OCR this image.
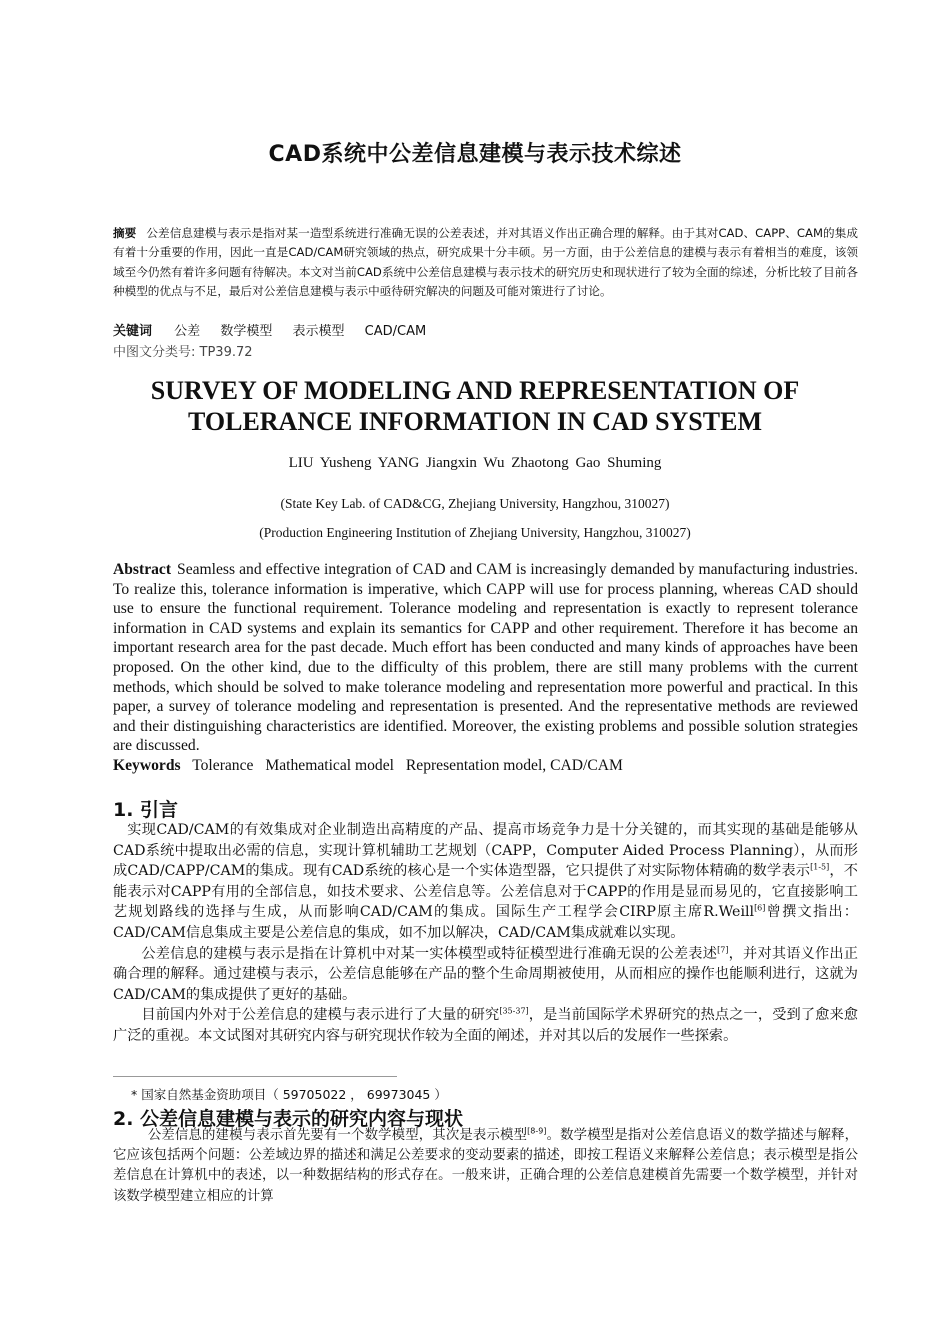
CAD系统中公差信息建模与表示技术综述
摘要 公差信息建模与表示是指对某一造型系统进行准确无误的公差表述，并对其语义作出正确合理的解释。由于其对CAD、CAPP、CAM的集成有着十分重要的作用，因此一直是CAD/CAM研究领域的热点，研究成果十分丰硕。另一方面，由于公差信息的建模与表示有着相当的难度，该领域至今仍然有着许多问题有待解决。本文对当前CAD系统中公差信息建模与表示技术的研究历史和现状进行了较为全面的综述，分析比较了目前各种模型的优点与不足，最后对公差信息建模与表示中亟待研究解决的问题及可能对策进行了讨论。
关键词 公差 数学模型 表示模型 CAD/CAM
中图文分类号: TP39.72
SURVEY OF MODELING AND REPRESENTATION OF
TOLERANCE INFORMATION IN CAD SYSTEM
LIU Yusheng YANG Jiangxin Wu Zhaotong Gao Shuming
(State Key Lab. of CAD&CG, Zhejiang University, Hangzhou, 310027)
(Production Engineering Institution of Zhejiang University, Hangzhou, 310027)
Abstract Seamless and effective integration of CAD and CAM is increasingly demanded by manufacturing industries. To realize this, tolerance information is imperative, which CAPP will use for process planning, whereas CAD should use to ensure the functional requirement. Tolerance modeling and representation is exactly to represent tolerance information in CAD systems and explain its semantics for CAPP and other requirement. Therefore it has become an important research area for the past decade. Much effort has been conducted and many kinds of approaches have been proposed. On the other kind, due to the difficulty of this problem, there are still many problems with the current methods, which should be solved to make tolerance modeling and representation more powerful and practical. In this paper, a survey of tolerance modeling and representation is presented. And the representative methods are reviewed and their distinguishing characteristics are identified. Moreover, the existing problems and possible solution strategies are discussed.
Keywords Tolerance Mathematical model Representation model, CAD/CAM
1. 引言

实现CAD/CAM的有效集成对企业制造出高精度的产品、提高市场竞争力是十分关键的，而其实现的基础是能够从CAD系统中提取出必需的信息，实现计算机辅助工艺规划（CAPP，Computer Aided Process Planning），从而形成CAD/CAPP/CAM的集成。现有CAD系统的核心是一个实体造型器，它只提供了对实际物体精确的数学表示[1-5]，不能表示对CAPP有用的全部信息，如技术要求、公差信息等。公差信息对于CAPP的作用是显而易见的，它直接影响工艺规划路线的选择与生成，从而影响CAD/CAM的集成。国际生产工程学会CIRP原主席R.Weill[6]曾撰文指出：CAD/CAM信息集成主要是公差信息的集成，如不加以解决，CAD/CAM集成就难以实现。

公差信息的建模与表示是指在计算机中对某一实体模型或特征模型进行准确无误的公差表述[7]，并对其语义作出正确合理的解释。通过建模与表示，公差信息能够在产品的整个生命周期被使用，从而相应的操作也能顺利进行，这就为CAD/CAM的集成提供了更好的基础。

目前国内外对于公差信息的建模与表示进行了大量的研究[35-37]，是当前国际学术界研究的热点之一，受到了愈来愈广泛的重视。本文试图对其研究内容与研究现状作较为全面的阐述，并对其以后的发展作一些探索。

* 国家自然基金资助项目（ 59705022 ， 69973045 ）
2. 公差信息建模与表示的研究内容与现状

公差信息的建模与表示首先要有一个数学模型，其次是表示模型[8-9]。数学模型是指对公差信息语义的数学描述与解释，它应该包括两个问题：公差域边界的描述和满足公差要求的变动要素的描述，即按工程语义来解释公差信息；表示模型是指公差信息在计算机中的表述，以一种数据结构的形式存在。一般来讲，正确合理的公差信息建模首先需要一个数学模型，并针对该数学模型建立相应的计算
